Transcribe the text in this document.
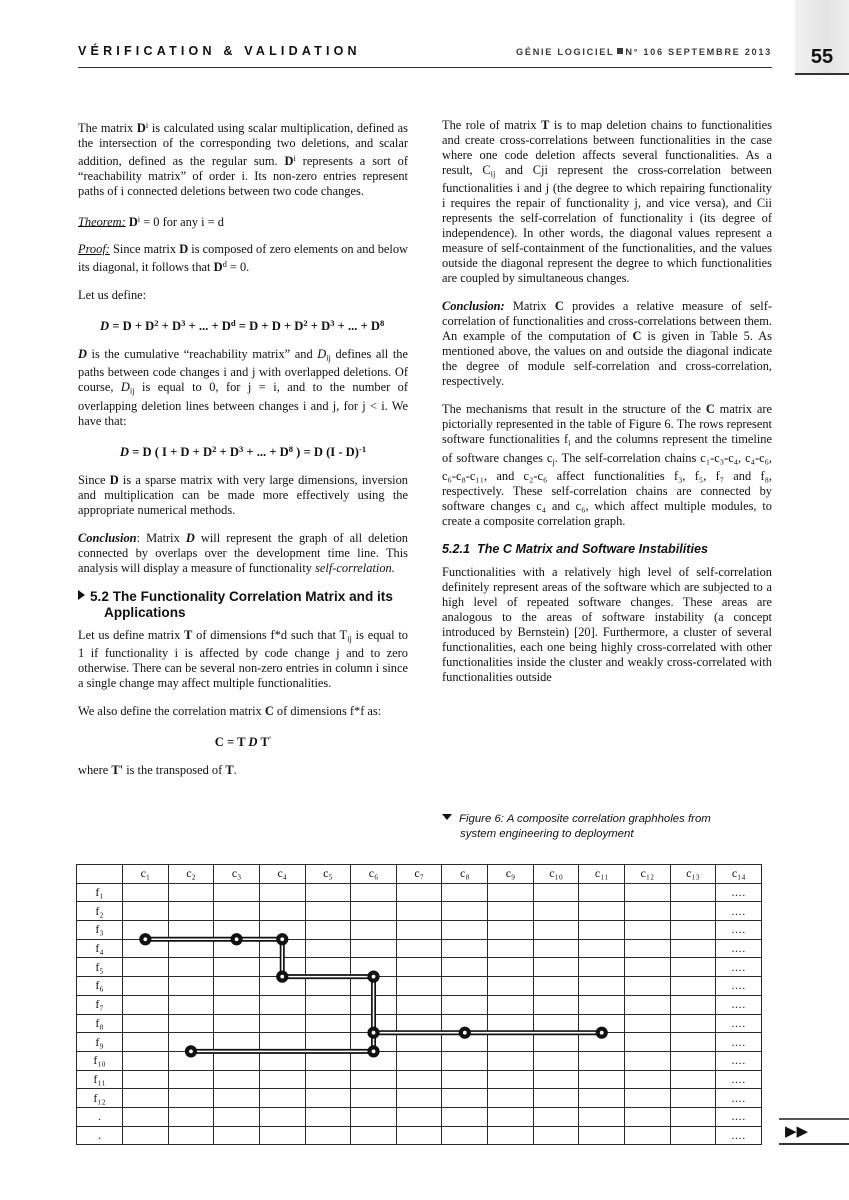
55
VÉRIFICATION & VALIDATION	GÉNIE LOGICIEL N° 106 SEPTEMBRE 2013

The matrix $D^i$ is calculated using scalar multiplication, defined as the intersection of the corresponding two deletions, and scalar addition, defined as the regular sum. $D^i$ represents a sort of “reachability matrix” of order i. Its non-zero entries represent paths of i connected deletions between two code changes.

Theorem: $D^i = 0$ for any i = d

Proof: Since matrix D is composed of zero elements on and below its diagonal, it follows that $D^d = 0$.

Let us define:

$D = D + D^2 + D^3$ + ... + $D^d = D + D + D^2 + D^3$ + ... + $D^8$

D is the cumulative “reachability matrix” and $D_{ij}$ defines all the paths between code changes i and j with overlapped deletions. Of course, $D_{ij}$ is equal to 0, for j = i, and to the number of overlapping deletion lines between changes i and j, for j < i. We have that:

D = D ( $I + D + D^2 + D^3$ + ... + $D^8$ ) = D (I - D)$^{-1}$

Since D is a sparse matrix with very large dimensions, inversion and multiplication can be made more effectively using the appropriate numerical methods.

Conclusion: Matrix D will represent the graph of all deletion connected by overlaps over the development time line. This analysis will display a measure of functionality self-correlation.

5.2 The Functionality Correlation Matrix and its
Applications

Let us define matrix T of dimensions f*d such that $T_{ij}$ is equal to 1 if functionality i is affected by code change j and to zero otherwise. There can be several non-zero entries in column i since a single change may affect multiple functionalities.

We also define the correlation matrix C of dimensions f*f as:

C = T D T'

where T' is the transposed of T.

The role of matrix T is to map deletion chains to functionalities and create cross-correlations between functionalities in the case where one code deletion affects several functionalities. As a result, $C_{ij}$ and Cji represent the cross-correlation between functionalities i and j (the degree to which repairing functionality i requires the repair of functionality j, and vice versa), and Cii represents the self-correlation of functionality i (its degree of independence). In other words, the diagonal values represent a measure of self-containment of the functionalities, and the values outside the diagonal represent the degree to which functionalities are coupled by simultaneous changes.

Conclusion: Matrix C provides a relative measure of self-correlation of functionalities and cross-correlations between them. An example of the computation of C is given in Table 5. As mentioned above, the values on and outside the diagonal indicate the degree of module self-correlation and cross-correlation, respectively.

The mechanisms that result in the structure of the C matrix are pictorially represented in the table of Figure 6. The rows represent software functionalities $f_i$ and the columns represent the timeline of software changes $c_j$. The self-correlation chains c₁-c₃-c₄, c₄-c₆, c₆-c₈-c₁₁, and c₂-c₆ affect functionalities f₃, f₅, f₇ and f₈, respectively. These self-correlation chains are connected by software changes c₄ and c₆, which affect multiple modules, to create a composite correlation graph.

5.2.1 The C Matrix and Software Instabilities

Functionalities with a relatively high level of self-correlation definitely represent areas of the software which are subjected to a high level of repeated software changes. These areas are analogous to the areas of software instability (a concept introduced by Bernstein) [20]. Furthermore, a cluster of several functionalities, each one being highly cross-correlated with other functionalities inside the cluster and weakly cross-correlated with functionalities outside

Figure 6: A composite correlation graphholes from
system engineering to deployment
	c₁	c₂	c₃	c₄	c₅	c₆	c₇	c₈	c₉	c₁₀	c₁₁	c₁₂	c₁₃	c₁₄
f₁														....
f₂														....
f₃														....
f₄														....
f₅														....
f₆														....
f₇														....
f₈														....
f₉														....
f₁₀														....
f₁₁														....
f₁₂														....
.														....
.														....	▶▶
